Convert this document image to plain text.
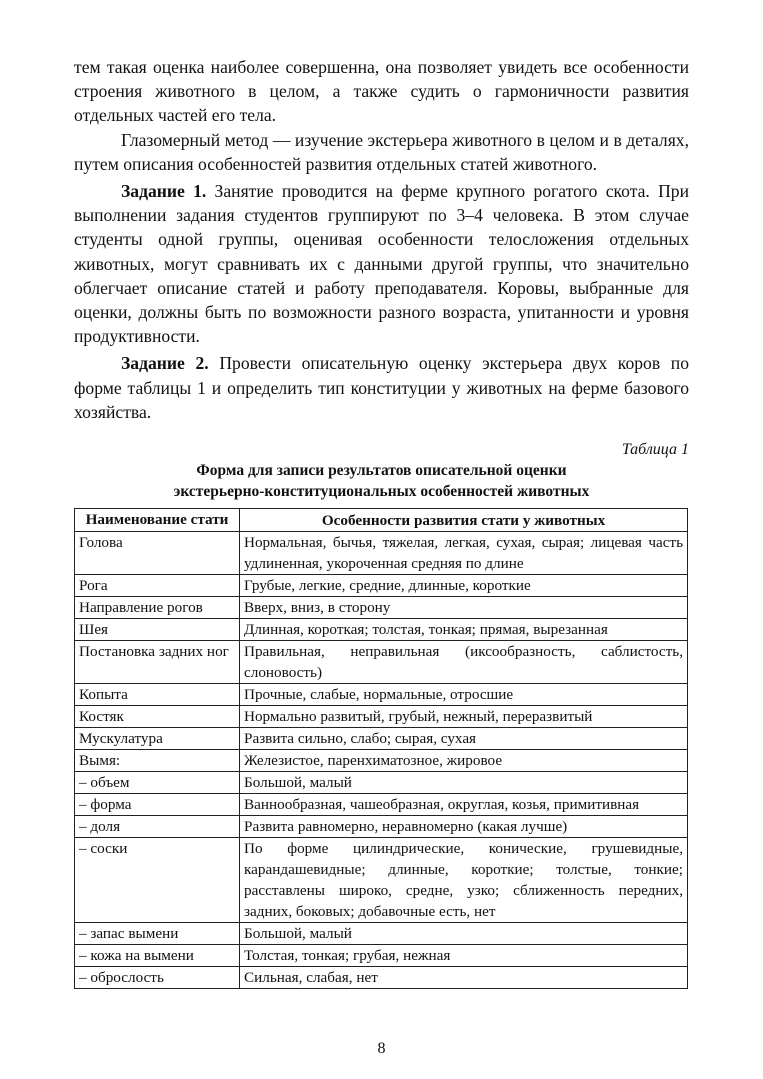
тем такая оценка наиболее совершенна, она позволяет увидеть все особенности строения животного в целом, а также судить о гармоничности развития отдельных частей его тела.

Глазомерный метод — изучение экстерьера животного в целом и в деталях, путем описания особенностей развития отдельных статей животного.

Задание 1. Занятие проводится на ферме крупного рогатого скота. При выполнении задания студентов группируют по 3–4 человека. В этом случае студенты одной группы, оценивая особенности телосложения отдельных животных, могут сравнивать их с данными другой группы, что значительно облегчает описание статей и работу преподавателя. Коровы, выбранные для оценки, должны быть по возможности разного возраста, упитанности и уровня продуктивности.

Задание 2. Провести описательную оценку экстерьера двух коров по форме таблицы 1 и определить тип конституции у животных на ферме базового хозяйства.

Таблица 1
Форма для записи результатов описательной оценки
экстерьерно-конституциональных особенностей животных
Наименование стати	Особенности развития стати у животных
Голова	Нормальная, бычья, тяжелая, легкая, сухая, сырая; лицевая часть удлиненная, укороченная средняя по длине
Рога	Грубые, легкие, средние, длинные, короткие
Направление рогов	Вверх, вниз, в сторону
Шея	Длинная, короткая; толстая, тонкая; прямая, вырезанная
Постановка задних ног	Правильная, неправильная (иксообразность, саблистость, слоновость)
Копыта	Прочные, слабые, нормальные, отросшие
Костяк	Нормально развитый, грубый, нежный, переразвитый
Мускулатура	Развита сильно, слабо; сырая, сухая
Вымя:	Железистое, паренхиматозное, жировое
– объем	Большой, малый
– форма	Ваннообразная, чашеобразная, округлая, козья, примитивная
– доля	Развита равномерно, неравномерно (какая лучше)
– соски	По форме цилиндрические, конические, грушевидные, карандашевидные; длинные, короткие; толстые, тонкие; расставлены широко, средне, узко; сближенность передних, задних, боковых; добавочные есть, нет
– запас вымени	Большой, малый
– кожа на вымени	Толстая, тонкая; грубая, нежная
– оброслость	Сильная, слабая, нет
8
